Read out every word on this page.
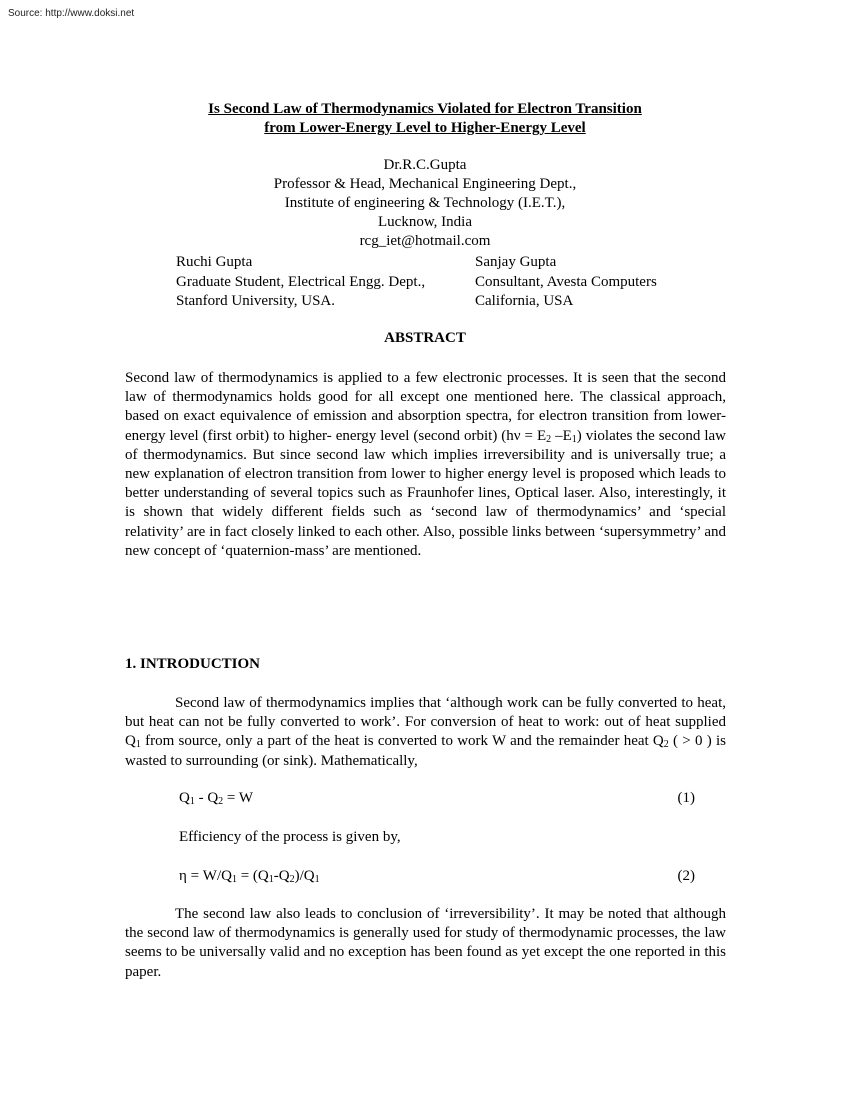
Source: http://www.doksi.net
Is Second Law of Thermodynamics Violated for Electron Transition
from Lower-Energy Level to Higher-Energy Level
Dr.R.C.Gupta
Professor & Head, Mechanical Engineering Dept.,
Institute of engineering & Technology (I.E.T.),
Lucknow, India
rcg_iet@hotmail.com
Ruchi Gupta
Graduate Student, Electrical Engg. Dept.,
Stanford University, USA.
Sanjay Gupta
Consultant, Avesta Computers
California, USA
ABSTRACT
Second law of thermodynamics is applied to a few electronic processes. It is seen that the second law of thermodynamics holds good for all except one mentioned here. The classical approach, based on exact equivalence of emission and absorption spectra, for electron transition from lower-energy level (first orbit) to higher- energy level (second orbit) ($h\nu = E_2$ $-E_1$) violates the second law of thermodynamics. But since second law which implies irreversibility and is universally true; a new explanation of electron transition from lower to higher energy level is proposed which leads to better understanding of several topics such as Fraunhofer lines, Optical laser. Also, interestingly, it is shown that widely different fields such as ‘second law of thermodynamics’ and ‘special relativity’ are in fact closely linked to each other. Also, possible links between ‘supersymmetry’ and new concept of ‘quaternion-mass’ are mentioned.
1. INTRODUCTION
Second law of thermodynamics implies that ‘although work can be fully converted to heat, but heat can not be fully converted to work’. For conversion of heat to work: out of heat supplied $Q_1$ from source, only a part of the heat is converted to work W and the remainder heat $Q_2$ ( > 0 ) is wasted to surrounding (or sink). Mathematically,
$Q_1 - Q_2 = W$	(1)
Efficiency of the process is given by,
$\eta = W/Q_1 = (Q_1-Q_2)/Q_1$	(2)
The second law also leads to conclusion of ‘irreversibility’. It may be noted that although the second law of thermodynamics is generally used for study of thermodynamic processes, the law seems to be universally valid and no exception has been found as yet except the one reported in this paper.
